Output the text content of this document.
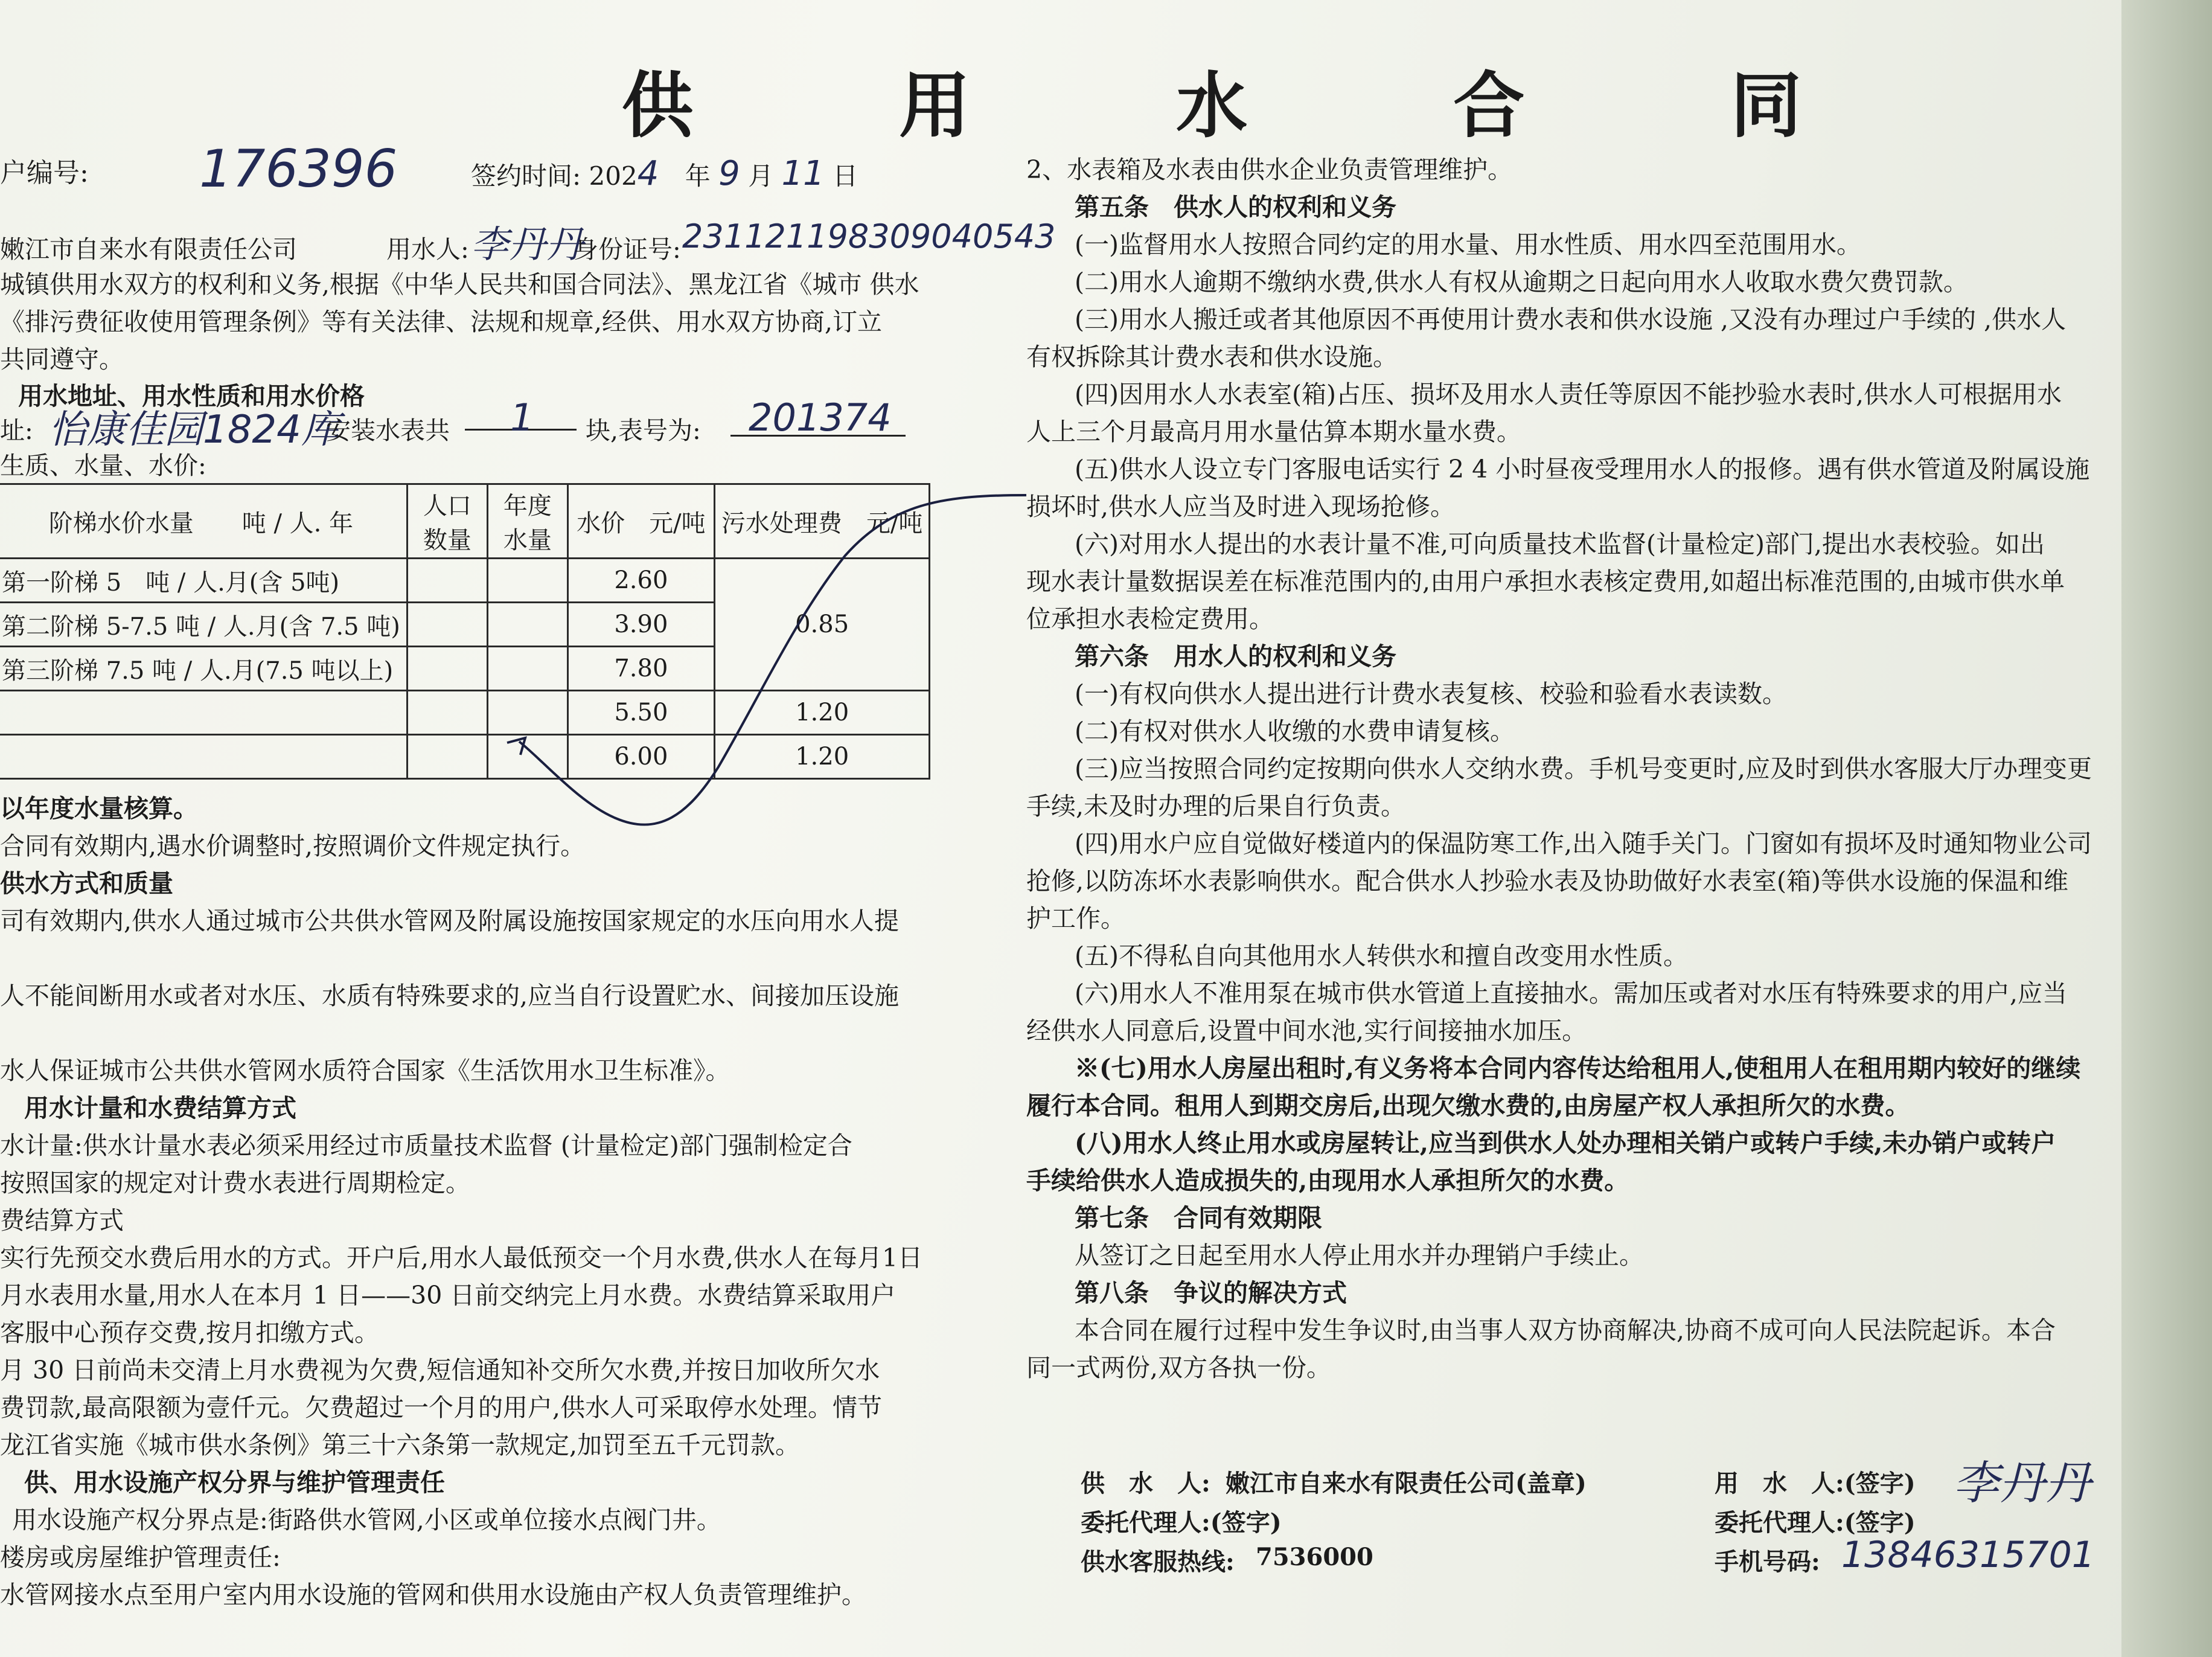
供 用 水 合 同
户编号: 176396	签约时间: 2024 年 9 月 11 日
嫩江市自来水有限责任公司	用水人: 李丹丹
身份证号: 231121198309040543
城镇供用水双方的权利和义务,根据《中华人民共和国合同法》、黑龙江省《城市 供水
《排污费征收使用管理条例》等有关法律、法规和规章,经供、用水双方协商,订立
共同遵守。
用水地址、用水性质和用水价格
址: 怡康佳园1824库
安装水表共 1 块,表号为: 201374
生质、水量、水价:
阶梯水价水量　　吨 / 人. 年	人口数量	年度水量	水价　元/吨	污水处理费　元/吨
第一阶梯 5　吨 / 人.月(含 5吨)			2.60	0.85
第二阶梯 5-7.5 吨 / 人.月(含 7.5 吨)			3.90	
第三阶梯 7.5 吨 / 人.月(7.5 吨以上)			7.80	
			5.50	1.20
			6.00	1.20
以年度水量核算。
合同有效期内,遇水价调整时,按照调价文件规定执行。
供水方式和质量
司有效期内,供水人通过城市公共供水管网及附属设施按国家规定的水压向用水人提
人不能间断用水或者对水压、水质有特殊要求的,应当自行设置贮水、间接加压设施
水人保证城市公共供水管网水质符合国家《生活饮用水卫生标准》。
用水计量和水费结算方式
水计量:供水计量水表必须采用经过市质量技术监督 (计量检定)部门强制检定合
按照国家的规定对计费水表进行周期检定。
费结算方式
实行先预交水费后用水的方式。开户后,用水人最低预交一个月水费,供水人在每月1日
月水表用水量,用水人在本月 1 日——30 日前交纳完上月水费。水费结算采取用户
客服中心预存交费,按月扣缴方式。
月 30 日前尚未交清上月水费视为欠费,短信通知补交所欠水费,并按日加收所欠水
费罚款,最高限额为壹仟元。欠费超过一个月的用户,供水人可采取停水处理。情节
龙江省实施《城市供水条例》第三十六条第一款规定,加罚至五千元罚款。
供、用水设施产权分界与维护管理责任
用水设施产权分界点是:街路供水管网,小区或单位接水点阀门井。
楼房或房屋维护管理责任:
水管网接水点至用户室内用水设施的管网和供用水设施由产权人负责管理维护。
2、水表箱及水表由供水企业负责管理维护。
第五条　供水人的权利和义务
(一)监督用水人按照合同约定的用水量、用水性质、用水四至范围用水。
(二)用水人逾期不缴纳水费,供水人有权从逾期之日起向用水人收取水费欠费罚款。
(三)用水人搬迁或者其他原因不再使用计费水表和供水设施 ,又没有办理过户手续的 ,供水人
有权拆除其计费水表和供水设施。
(四)因用水人水表室(箱)占压、损坏及用水人责任等原因不能抄验水表时,供水人可根据用水
人上三个月最高月用水量估算本期水量水费。
(五)供水人设立专门客服电话实行 2 4 小时昼夜受理用水人的报修。遇有供水管道及附属设施
损坏时,供水人应当及时进入现场抢修。
(六)对用水人提出的水表计量不准,可向质量技术监督(计量检定)部门,提出水表校验。如出
现水表计量数据误差在标准范围内的,由用户承担水表核定费用,如超出标准范围的,由城市供水单
位承担水表检定费用。
第六条　用水人的权利和义务
(一)有权向供水人提出进行计费水表复核、校验和验看水表读数。
(二)有权对供水人收缴的水费申请复核。
(三)应当按照合同约定按期向供水人交纳水费。手机号变更时,应及时到供水客服大厅办理变更
手续,未及时办理的后果自行负责。
(四)用水户应自觉做好楼道内的保温防寒工作,出入随手关门。门窗如有损坏及时通知物业公司
抢修,以防冻坏水表影响供水。配合供水人抄验水表及协助做好水表室(箱)等供水设施的保温和维
护工作。
(五)不得私自向其他用水人转供水和擅自改变用水性质。
(六)用水人不准用泵在城市供水管道上直接抽水。需加压或者对水压有特殊要求的用户,应当
经供水人同意后,设置中间水池,实行间接抽水加压。
※(七)用水人房屋出租时,有义务将本合同内容传达给租用人,使租用人在租用期内较好的继续
履行本合同。租用人到期交房后,出现欠缴水费的,由房屋产权人承担所欠的水费。
(八)用水人终止用水或房屋转让,应当到供水人处办理相关销户或转户手续,未办销户或转户
手续给供水人造成损失的,由现用水人承担所欠的水费。
第七条　合同有效期限
从签订之日起至用水人停止用水并办理销户手续止。
第八条　争议的解决方式
本合同在履行过程中发生争议时,由当事人双方协商解决,协商不成可向人民法院起诉。本合
同一式两份,双方各执一份。
供　水　人: 嫩江市自来水有限责任公司(盖章)
委托代理人:(签字)
供水客服热线: 7536000
用　水　人:(签字) 李丹丹
委托代理人:(签字)
手机号码: 13846315701
